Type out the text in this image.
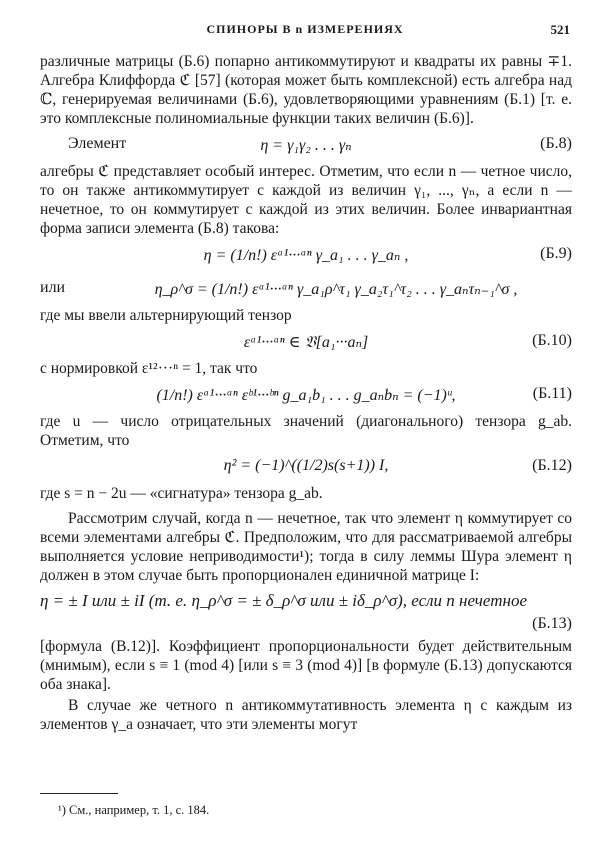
СПИНОРЫ В n ИЗМЕРЕНИЯХ	521

различные матрицы (Б.6) попарно антикоммутируют и квадраты их равны ∓1. Алгебра Клиффорда ℭ [57] (которая может быть комплексной) есть алгебра над ℂ, генерируемая величинами (Б.6), удовлетворяющими уравнениям (Б.1) [т. е. это комплексные полиномиальные функции таких величин (Б.6)].

Элемент	η = γ₁γ₂ . . . γₙ	(Б.8)

алгебры ℭ представляет особый интерес. Отметим, что если n — четное число, то он также антикоммутирует с каждой из величин γ₁, ..., γₙ, а если n — нечетное, то он коммутирует с каждой из этих величин. Более инвариантная форма записи элемента (Б.8) такова:

η = (1/n!) εᵃ¹···ᵃⁿ γ_a₁ . . . γ_aₙ ,	(Б.9)
или	η_ρ^σ = (1/n!) εᵃ¹···ᵃⁿ γ_a₁ρ^τ₁ γ_a₂τ₁^τ₂ . . . γ_aₙτₙ₋₁^σ ,

где мы ввели альтернирующий тензор

εᵃ¹···ᵃⁿ ∈ 𝔙[a₁···aₙ]	(Б.10)

с нормировкой ε¹²···ⁿ = 1, так что

(1/n!) εᵃ¹···ᵃⁿ εᵇ¹···ᵇⁿ g_a₁b₁ . . . g_aₙbₙ = (−1)ᵘ,	(Б.11)

где u — число отрицательных значений (диагонального) тензора g_ab. Отметим, что

η² = (−1)^((1/2)s(s+1)) I,	(Б.12)

где s = n − 2u — «сигнатура» тензора g_ab.

Рассмотрим случай, когда n — нечетное, так что элемент η коммутирует со всеми элементами алгебры ℭ. Предположим, что для рассматриваемой алгебры выполняется условие неприводимости¹); тогда в силу леммы Шура элемент η должен в этом случае быть пропорционален единичной матрице I:

η = ± I или ± iI (т. е. η_ρ^σ = ± δ_ρ^σ или ± iδ_ρ^σ), если n нечетное
(Б.13)

[формула (В.12)]. Коэффициент пропорциональности будет действительным (мнимым), если s ≡ 1 (mod 4) [или s ≡ 3 (mod 4)] [в формуле (Б.13) допускаются оба знака].

В случае же четного n антикоммутативность элемента η с каждым из элементов γ_a означает, что эти элементы могут

¹) См., например, т. 1, с. 184.
